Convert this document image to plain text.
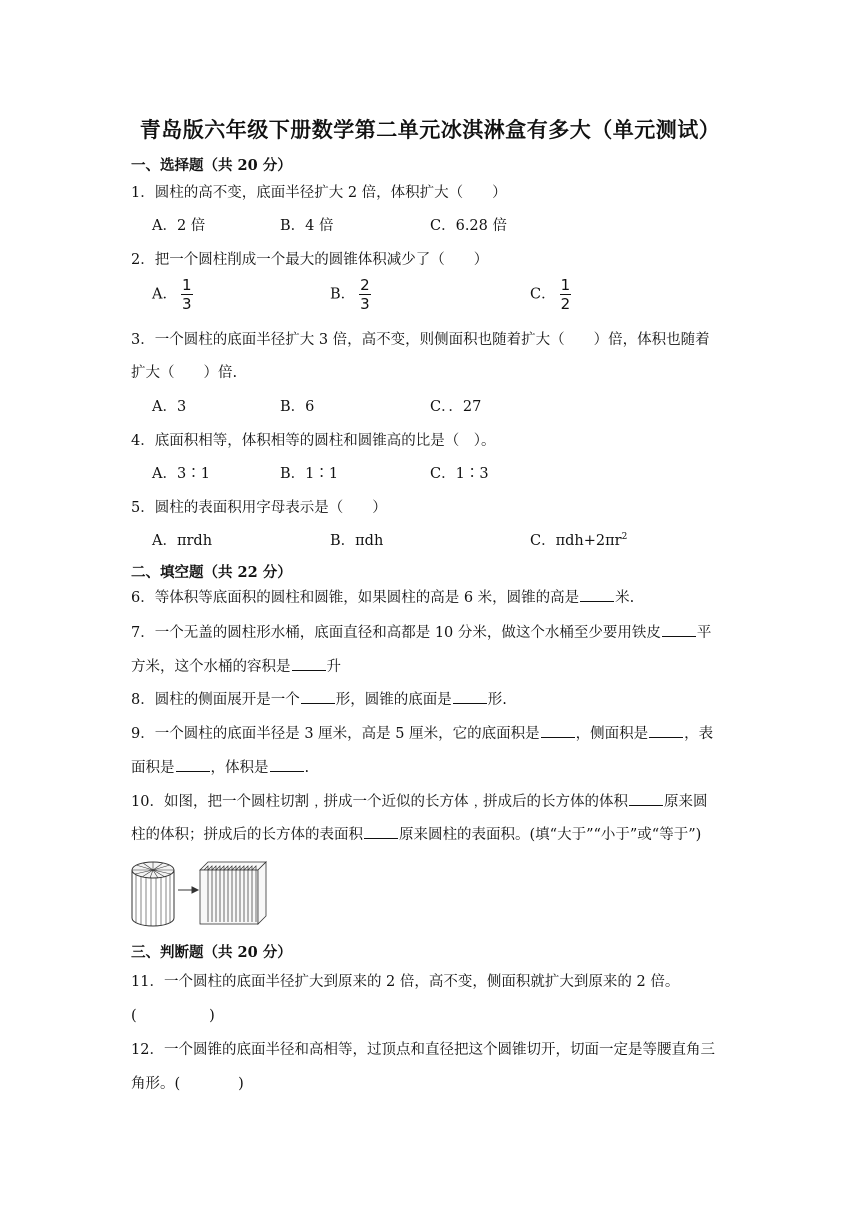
青岛版六年级下册数学第二单元冰淇淋盒有多大（单元测试）
一、选择题（共 20 分）
1．圆柱的高不变，底面半径扩大 2 倍，体积扩大（　　）
A．2 倍	B．4 倍	C．6.28 倍
2．把一个圆柱削成一个最大的圆锥体积减少了（　　）
A． $\frac{1}{3}$	B． $\frac{2}{3}$	C． $\frac{1}{2}$
3．一个圆柱的底面半径扩大 3 倍，高不变，则侧面积也随着扩大（　　）倍，体积也随着
扩大（　　）倍.
A．3	B．6	C．．27
4．底面积相等，体积相等的圆柱和圆锥高的比是（　）。
A．3∶1	B．1∶1	C．1∶3
5．圆柱的表面积用字母表示是（　　）
A．πrdh	B．πdh	C．$\pi dh+2\pi r^2$
二、填空题（共 22 分）
6．等体积等底面积的圆柱和圆锥，如果圆柱的高是 6 米，圆锥的高是 米.
7．一个无盖的圆柱形水桶，底面直径和高都是 10 分米，做这个水桶至少要用铁皮 平
方米，这个水桶的容积是 升
8．圆柱的侧面展开是一个 形，圆锥的底面是 形.
9．一个圆柱的底面半径是 3 厘米，高是 5 厘米，它的底面积是 ，侧面积是 ，表
面积是 ，体积是 .
10．如图，把一个圆柱切割﹐拼成一个近似的长方体﹐拼成后的长方体的体积 原来圆
柱的体积；拼成后的长方体的表面积 原来圆柱的表面积。(填“大于”“小于”或“等于”)
三、判断题（共 20 分）
11．一个圆柱的底面半径扩大到原来的 2 倍，高不变，侧面积就扩大到原来的 2 倍。
(　　　　　)
12．一个圆锥的底面半径和高相等，过顶点和直径把这个圆锥切开，切面一定是等腰直角三
角形。(　　　　)
